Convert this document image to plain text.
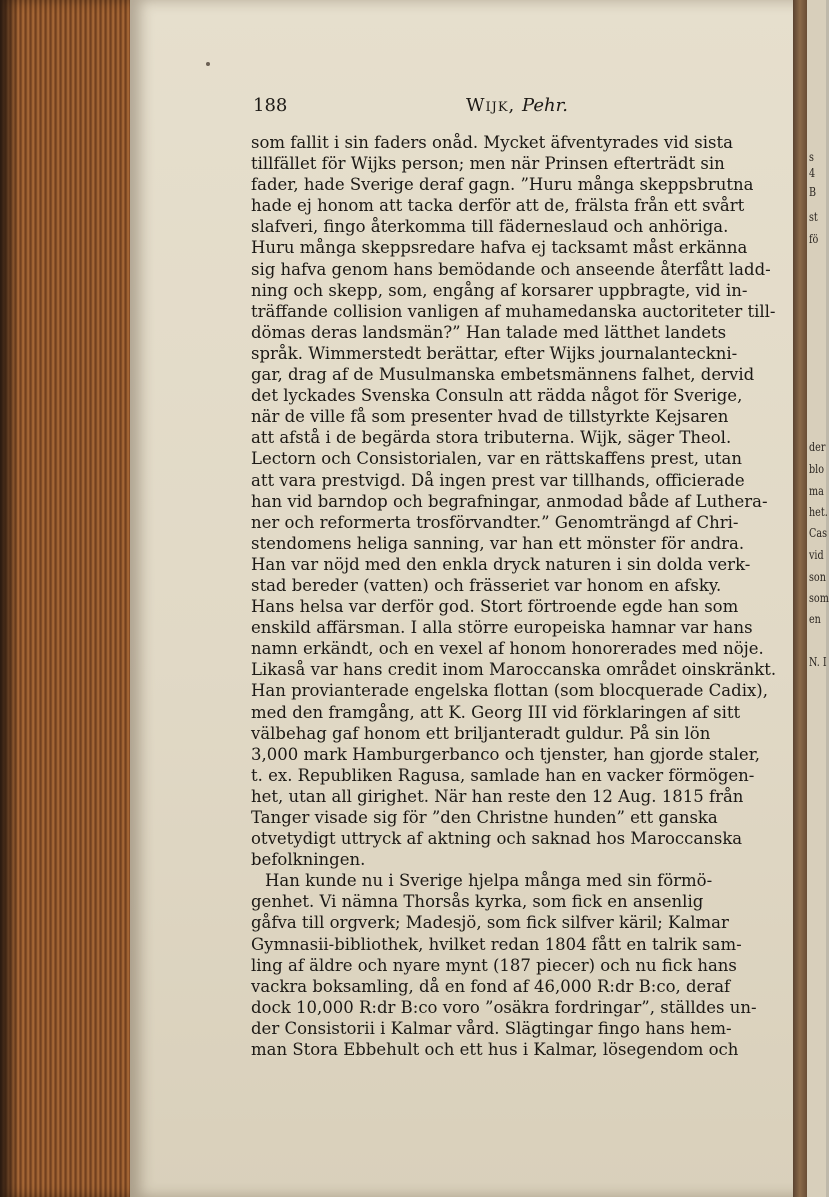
s
4
B
st
fö
der
blo
ma
het.
Cas
vid
son
som
en
N. I
188	Wijk, Pehr.
som fallit i sin faders onåd. Mycket äfventyrades vid sista
tillfället för Wijks person; men när Prinsen efterträdt sin
fader, hade Sverige deraf gagn. ”Huru många skeppsbrutna
hade ej honom att tacka derför att de, frälsta från ett svårt
slafveri, fingo återkomma till fäderneslaud och anhöriga.
Huru många skeppsredare hafva ej tacksamt måst erkänna
sig hafva genom hans bemödande och anseende återfått ladd-
ning och skepp, som, engång af korsarer uppbragte, vid in-
träffande collision vanligen af muhamedanska auctoriteter till-
dömas deras landsmän?” Han talade med lätthet landets
språk. Wimmerstedt berättar, efter Wijks journalanteckni-
gar, drag af de Musulmanska embetsmännens falhet, dervid
det lyckades Svenska Consuln att rädda något för Sverige,
när de ville få som presenter hvad de tillstyrkte Kejsaren
att afstå i de begärda stora tributerna. Wijk, säger Theol.
Lectorn och Consistorialen, var en rättskaffens prest, utan
att vara prestvigd. Då ingen prest var tillhands, officierade
han vid barndop och begrafningar, anmodad både af Luthera-
ner och reformerta trosförvandter.” Genomträngd af Chri-
stendomens heliga sanning, var han ett mönster för andra.
Han var nöjd med den enkla dryck naturen i sin dolda verk-
stad bereder (vatten) och frässeriet var honom en afsky.
Hans helsa var derför god. Stort förtroende egde han som
enskild affärsman. I alla större europeiska hamnar var hans
namn erkändt, och en vexel af honom honorerades med nöje.
Likaså var hans credit inom Maroccanska området oinskränkt.
Han provianterade engelska flottan (som blocquerade Cadix),
med den framgång, att K. Georg III vid förklaringen af sitt
välbehag gaf honom ett briljanteradt guldur. På sin lön
3,000 mark Hamburgerbanco och tjenster, han gjorde staler,
t. ex. Republiken Ragusa, samlade han en vacker förmögen-
het, utan all girighet. När han reste den 12 Aug. 1815 från
Tanger visade sig för ”den Christne hunden” ett ganska
otvetydigt uttryck af aktning och saknad hos Maroccanska
befolkningen.
Han kunde nu i Sverige hjelpa många med sin förmö-
genhet. Vi nämna Thorsås kyrka, som fick en ansenlig
gåfva till orgverk; Madesjö, som fick silfver käril; Kalmar
Gymnasii-bibliothek, hvilket redan 1804 fått en talrik sam-
ling af äldre och nyare mynt (187 piecer) och nu fick hans
vackra boksamling, då en fond af 46,000 R:dr B:co, deraf
dock 10,000 R:dr B:co voro ”osäkra fordringar”, ställdes un-
der Consistorii i Kalmar vård. Slägtingar fingo hans hem-
man Stora Ebbehult och ett hus i Kalmar, lösegendom och
